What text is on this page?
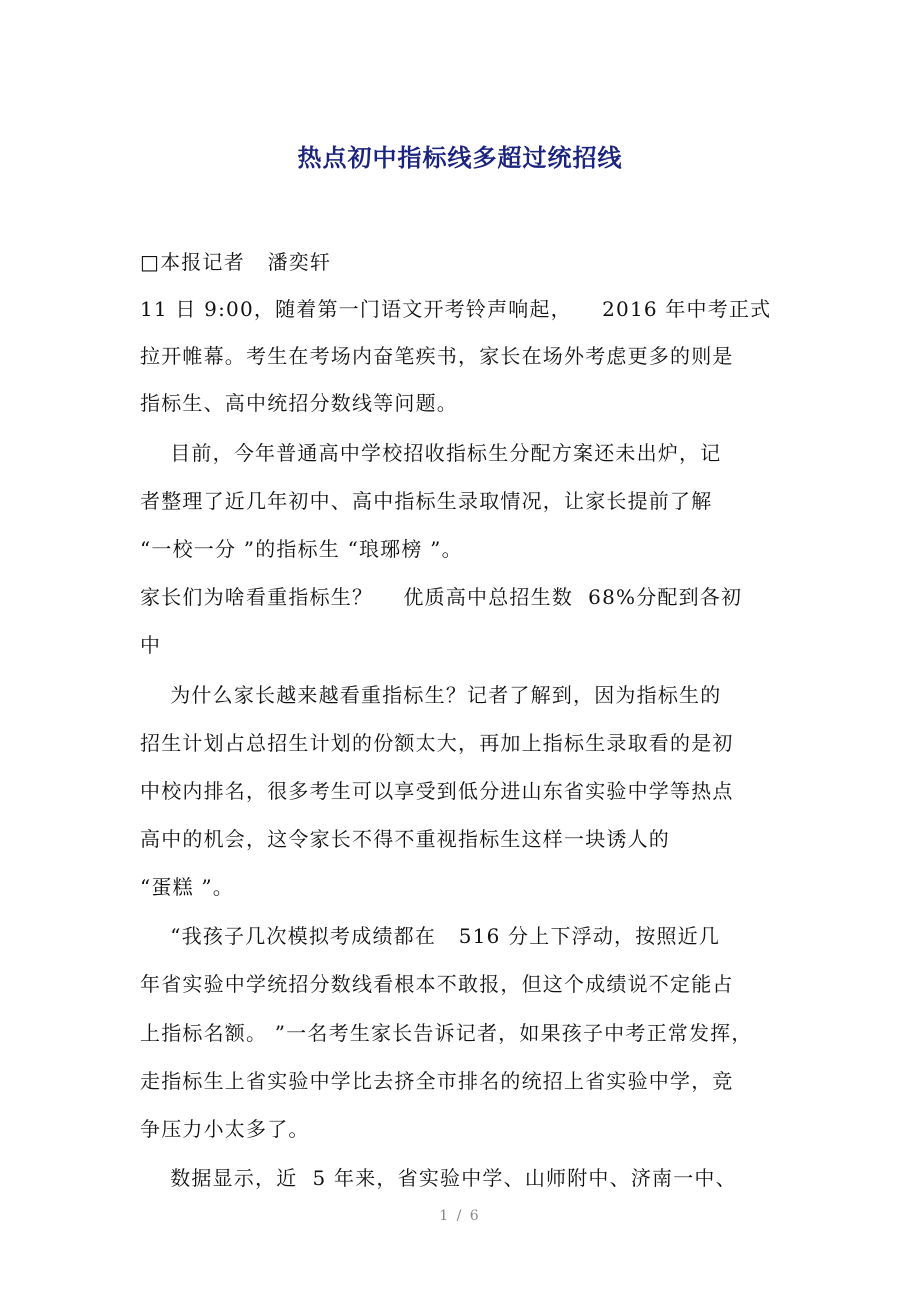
热点初中指标线多超过统招线
□本报记者   潘奕轩
11 日 9:00，随着第一门语文开考铃声响起，    2016 年中考正式
拉开帷幕。考生在考场内奋笔疾书，家长在场外考虑更多的则是
指标生、高中统招分数线等问题。
目前，今年普通高中学校招收指标生分配方案还未出炉，记
者整理了近几年初中、高中指标生录取情况，让家长提前了解
“一校一分 ”的指标生 “琅琊榜 ”。
家长们为啥看重指标生？    优质高中总招生数  68%分配到各初
中
为什么家长越来越看重指标生？记者了解到，因为指标生的
招生计划占总招生计划的份额太大，再加上指标生录取看的是初
中校内排名，很多考生可以享受到低分进山东省实验中学等热点
高中的机会，这令家长不得不重视指标生这样一块诱人的
“蛋糕 ”。
“我孩子几次模拟考成绩都在   516 分上下浮动，按照近几
年省实验中学统招分数线看根本不敢报，但这个成绩说不定能占
上指标名额。 ”一名考生家长告诉记者，如果孩子中考正常发挥，
走指标生上省实验中学比去挤全市排名的统招上省实验中学，竞
争压力小太多了。
数据显示，近  5 年来，省实验中学、山师附中、济南一中、
1 / 6
